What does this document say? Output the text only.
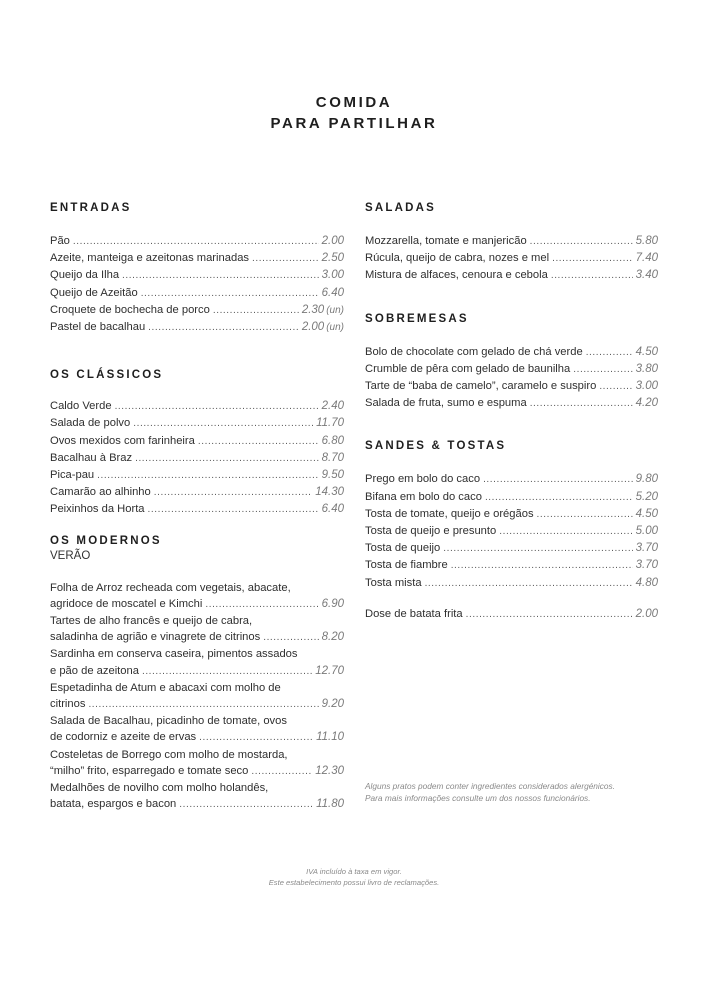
COMIDA
PARA PARTILHAR
ENTRADAS
Pão . . .	2.00
Azeite, manteiga e azeitonas marinadas . . .	2.50
Queijo da Ilha . . .	3.00
Queijo de Azeitão . . .	6.40
Croquete de bochecha de porco . . .	2.30 (un)
Pastel de bacalhau . . .	2.00 (un)
OS CLÁSSICOS
Caldo Verde . . .	2.40
Salada de polvo . . .	11.70
Ovos mexidos com farinheira . . .	6.80
Bacalhau à Braz . . .	8.70
Pica-pau . . .	9.50
Camarão ao alhinho . . .	14.30
Peixinhos da Horta . . .	6.40
OS MODERNOS
VERÃO
Folha de Arroz recheada com vegetais, abacate,
agridoce de moscatel e Kimchi . . .	6.90
Tartes de alho francês e queijo de cabra,
saladinha de agrião e vinagrete de citrinos . . .	8.20
Sardinha em conserva caseira, pimentos assados
e pão de azeitona . . .	12.70
Espetadinha de Atum e abacaxi com molho de
citrinos . . .	9.20
Salada de Bacalhau, picadinho de tomate, ovos
de codorniz e azeite de ervas . . .	11.10
Costeletas de Borrego com molho de mostarda,
“milho” frito, esparregado e tomate seco . . .	12.30
Medalhões de novilho com molho holandês,
batata, espargos e bacon . . .	11.80
SALADAS
Mozzarella, tomate e manjericão . . .	5.80
Rúcula, queijo de cabra, nozes e mel . . .	7.40
Mistura de alfaces, cenoura e cebola . . .	3.40
SOBREMESAS
Bolo de chocolate com gelado de chá verde . . .	4.50
Crumble de pêra com gelado de baunilha . . .	3.80
Tarte de “baba de camelo”, caramelo e suspiro . . .	3.00
Salada de fruta, sumo e espuma . . .	4.20
SANDES & TOSTAS
Prego em bolo do caco . . .	9.80
Bifana em bolo do caco . . .	5.20
Tosta de tomate, queijo e orégãos . . .	4.50
Tosta de queijo e presunto . . .	5.00
Tosta de queijo . . .	3.70
Tosta de fiambre . . .	3.70
Tosta mista . . .	4.80
Dose de batata frita . . .	2.00
Alguns pratos podem conter ingredientes considerados alergénicos.
Para mais informações consulte um dos nossos funcionários.
IVA incluído à taxa em vigor.
Este estabelecimento possui livro de reclamações.
